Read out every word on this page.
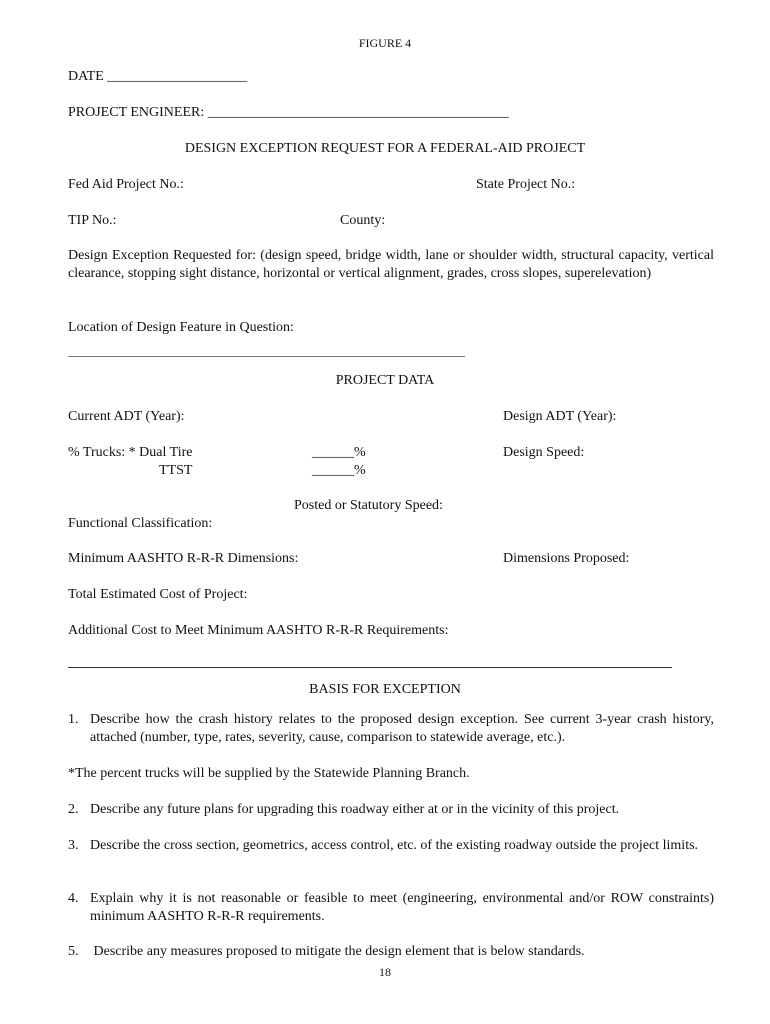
FIGURE 4
DATE ____________________
PROJECT ENGINEER: ___________________________________________
DESIGN EXCEPTION REQUEST FOR A FEDERAL-AID PROJECT
Fed Aid Project No.:	State Project No.:
TIP No.:	County:
Design Exception Requested for: (design speed, bridge width, lane or shoulder width, structural capacity, vertical clearance, stopping sight distance, horizontal or vertical alignment, grades, cross slopes, superelevation)
Location of Design Feature in Question:
PROJECT DATA
Current ADT (Year):	Design ADT (Year):
% Trucks: * Dual Tire	______%	Design Speed:
TTST	______%
Posted or Statutory Speed:
Functional Classification:
Minimum AASHTO R-R-R Dimensions:	Dimensions Proposed:
Total Estimated Cost of Project:
Additional Cost to Meet Minimum AASHTO R-R-R Requirements:
BASIS FOR EXCEPTION
1. Describe how the crash history relates to the proposed design exception. See current 3-year crash history, attached (number, type, rates, severity, cause, comparison to statewide average, etc.).
*The percent trucks will be supplied by the Statewide Planning Branch.
2. Describe any future plans for upgrading this roadway either at or in the vicinity of this project.
3. Describe the cross section, geometrics, access control, etc. of the existing roadway outside the project limits.
4. Explain why it is not reasonable or feasible to meet (engineering, environmental and/or ROW constraints) minimum AASHTO R-R-R requirements.
5. Describe any measures proposed to mitigate the design element that is below standards.
18
